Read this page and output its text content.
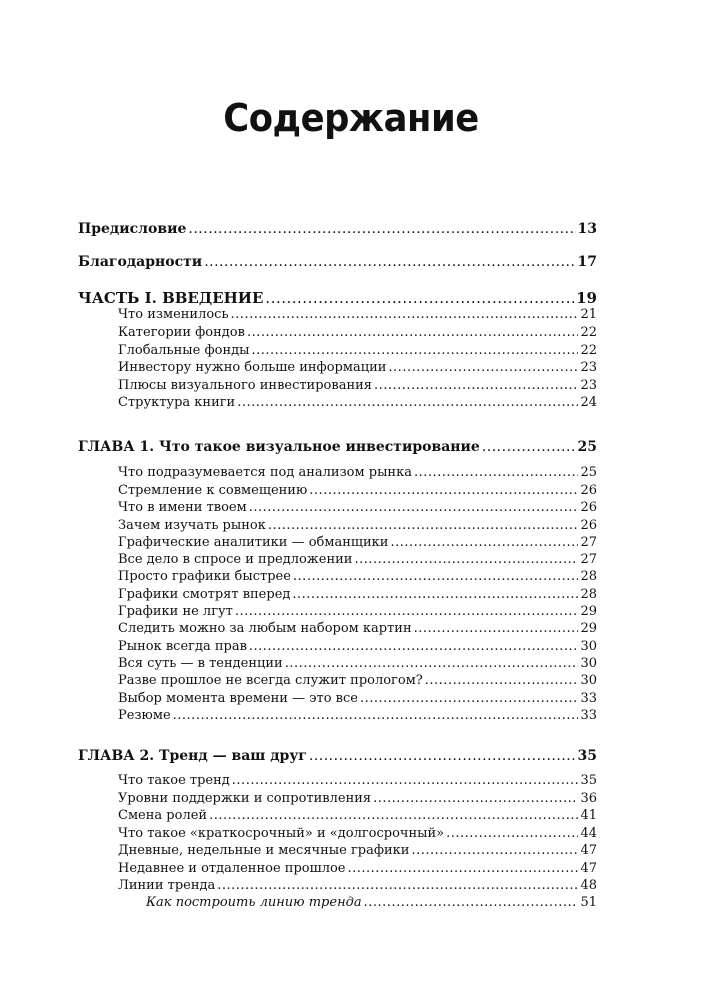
Содержание
Предисловие .....	13
Благодарности .....	17
ЧАСТЬ I. ВВЕДЕНИЕ .....	19
Что изменилось .....	21
Категории фондов .....	22
Глобальные фонды .....	22
Инвестору нужно больше информации .....	23
Плюсы визуального инвестирования .....	23
Структура книги .....	24
ГЛАВА 1. Что такое визуальное инвестирование .....	25
Что подразумевается под анализом рынка .....	25
Стремление к совмещению .....	26
Что в имени твоем .....	26
Зачем изучать рынок .....	26
Графические аналитики — обманщики .....	27
Все дело в спросе и предложении .....	27
Просто графики быстрее .....	28
Графики смотрят вперед .....	28
Графики не лгут .....	29
Следить можно за любым набором картин .....	29
Рынок всегда прав .....	30
Вся суть — в тенденции .....	30
Разве прошлое не всегда служит прологом? .....	30
Выбор момента времени — это все .....	33
Резюме .....	33
ГЛАВА 2. Тренд — ваш друг .....	35
Что такое тренд .....	35
Уровни поддержки и сопротивления .....	36
Смена ролей .....	41
Что такое «краткосрочный» и «долгосрочный» .....	44
Дневные, недельные и месячные графики .....	47
Недавнее и отдаленное прошлое .....	47
Линии тренда .....	48
Как построить линию тренда .....	51
